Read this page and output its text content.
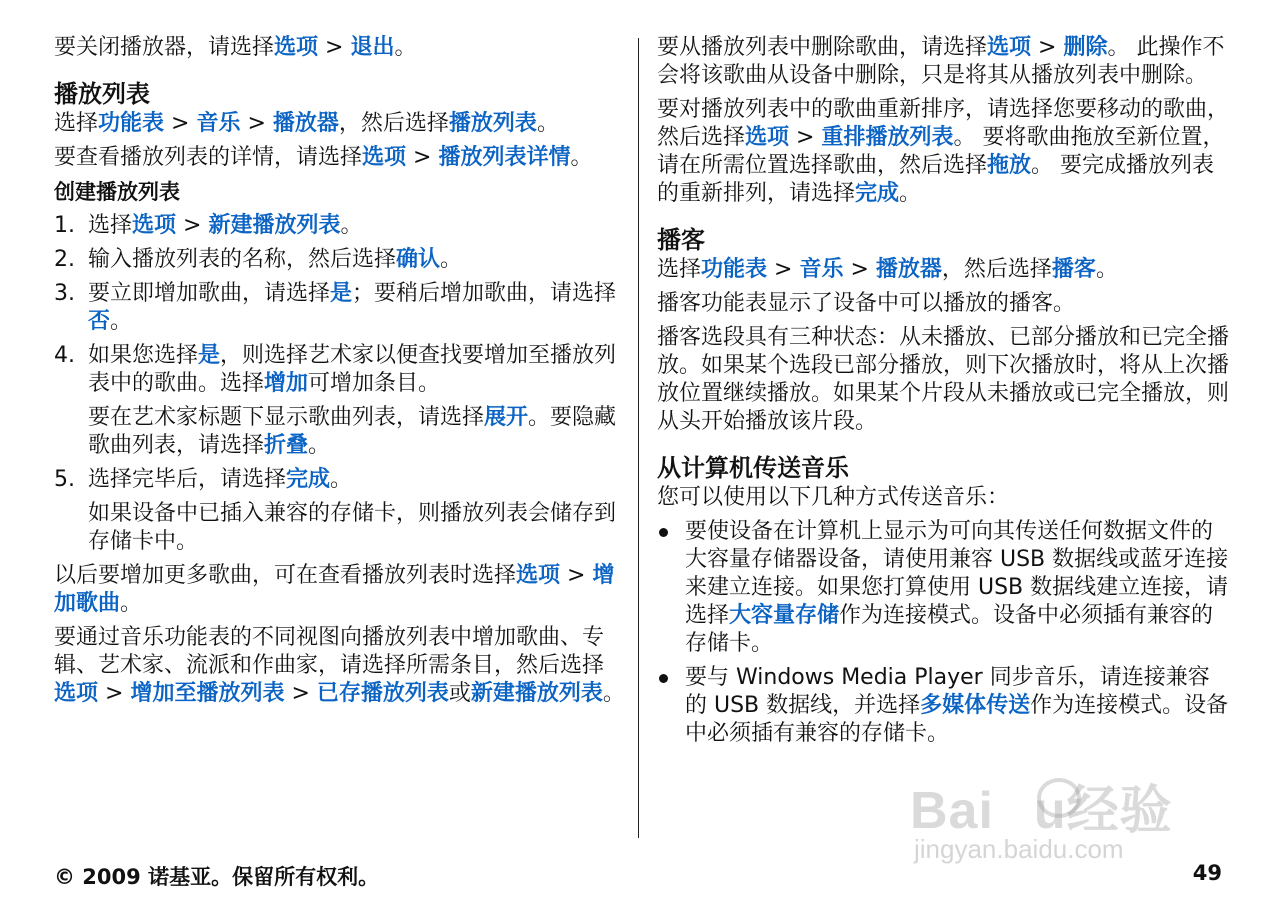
要关闭播放器，请选择选项 > 退出。

播放列表

选择功能表 > 音乐 > 播放器，然后选择播放列表。

要查看播放列表的详情，请选择选项 > 播放列表详情。

创建播放列表
1. 选择选项 > 新建播放列表。
2. 输入播放列表的名称，然后选择确认。
3. 要立即增加歌曲，请选择是；要稍后增加歌曲，请选择否。
4. 如果您选择是，则选择艺术家以便查找要增加至播放列表中的歌曲。选择增加可增加条目。

要在艺术家标题下显示歌曲列表，请选择展开。要隐藏歌曲列表，请选择折叠。

5. 选择完毕后，请选择完成。

如果设备中已插入兼容的存储卡，则播放列表会储存到存储卡中。

以后要增加更多歌曲，可在查看播放列表时选择选项 > 增加歌曲。

要通过音乐功能表的不同视图向播放列表中增加歌曲、专辑、艺术家、流派和作曲家，请选择所需条目，然后选择选项 > 增加至播放列表 > 已存播放列表或新建播放列表。

要从播放列表中删除歌曲，请选择选项 > 删除。 此操作不会将该歌曲从设备中删除，只是将其从播放列表中删除。

要对播放列表中的歌曲重新排序，请选择您要移动的歌曲，然后选择选项 > 重排播放列表。 要将歌曲拖放至新位置，请在所需位置选择歌曲，然后选择拖放。 要完成播放列表的重新排列，请选择完成。

播客

选择功能表 > 音乐 > 播放器，然后选择播客。

播客功能表显示了设备中可以播放的播客。

播客选段具有三种状态：从未播放、已部分播放和已完全播放。如果某个选段已部分播放，则下次播放时，将从上次播放位置继续播放。如果某个片段从未播放或已完全播放，则从头开始播放该片段。

从计算机传送音乐

您可以使用以下几种方式传送音乐：

要使设备在计算机上显示为可向其传送任何数据文件的大容量存储器设备，请使用兼容 USB 数据线或蓝牙连接来建立连接。如果您打算使用 USB 数据线建立连接，请选择大容量存储作为连接模式。设备中必须插有兼容的存储卡。
要与 Windows Media Player 同步音乐，请连接兼容的 USB 数据线，并选择多媒体传送作为连接模式。设备中必须插有兼容的存储卡。
Bai u经验
jingyan.baidu.com
© 2009 诺基亚。保留所有权利。	49
